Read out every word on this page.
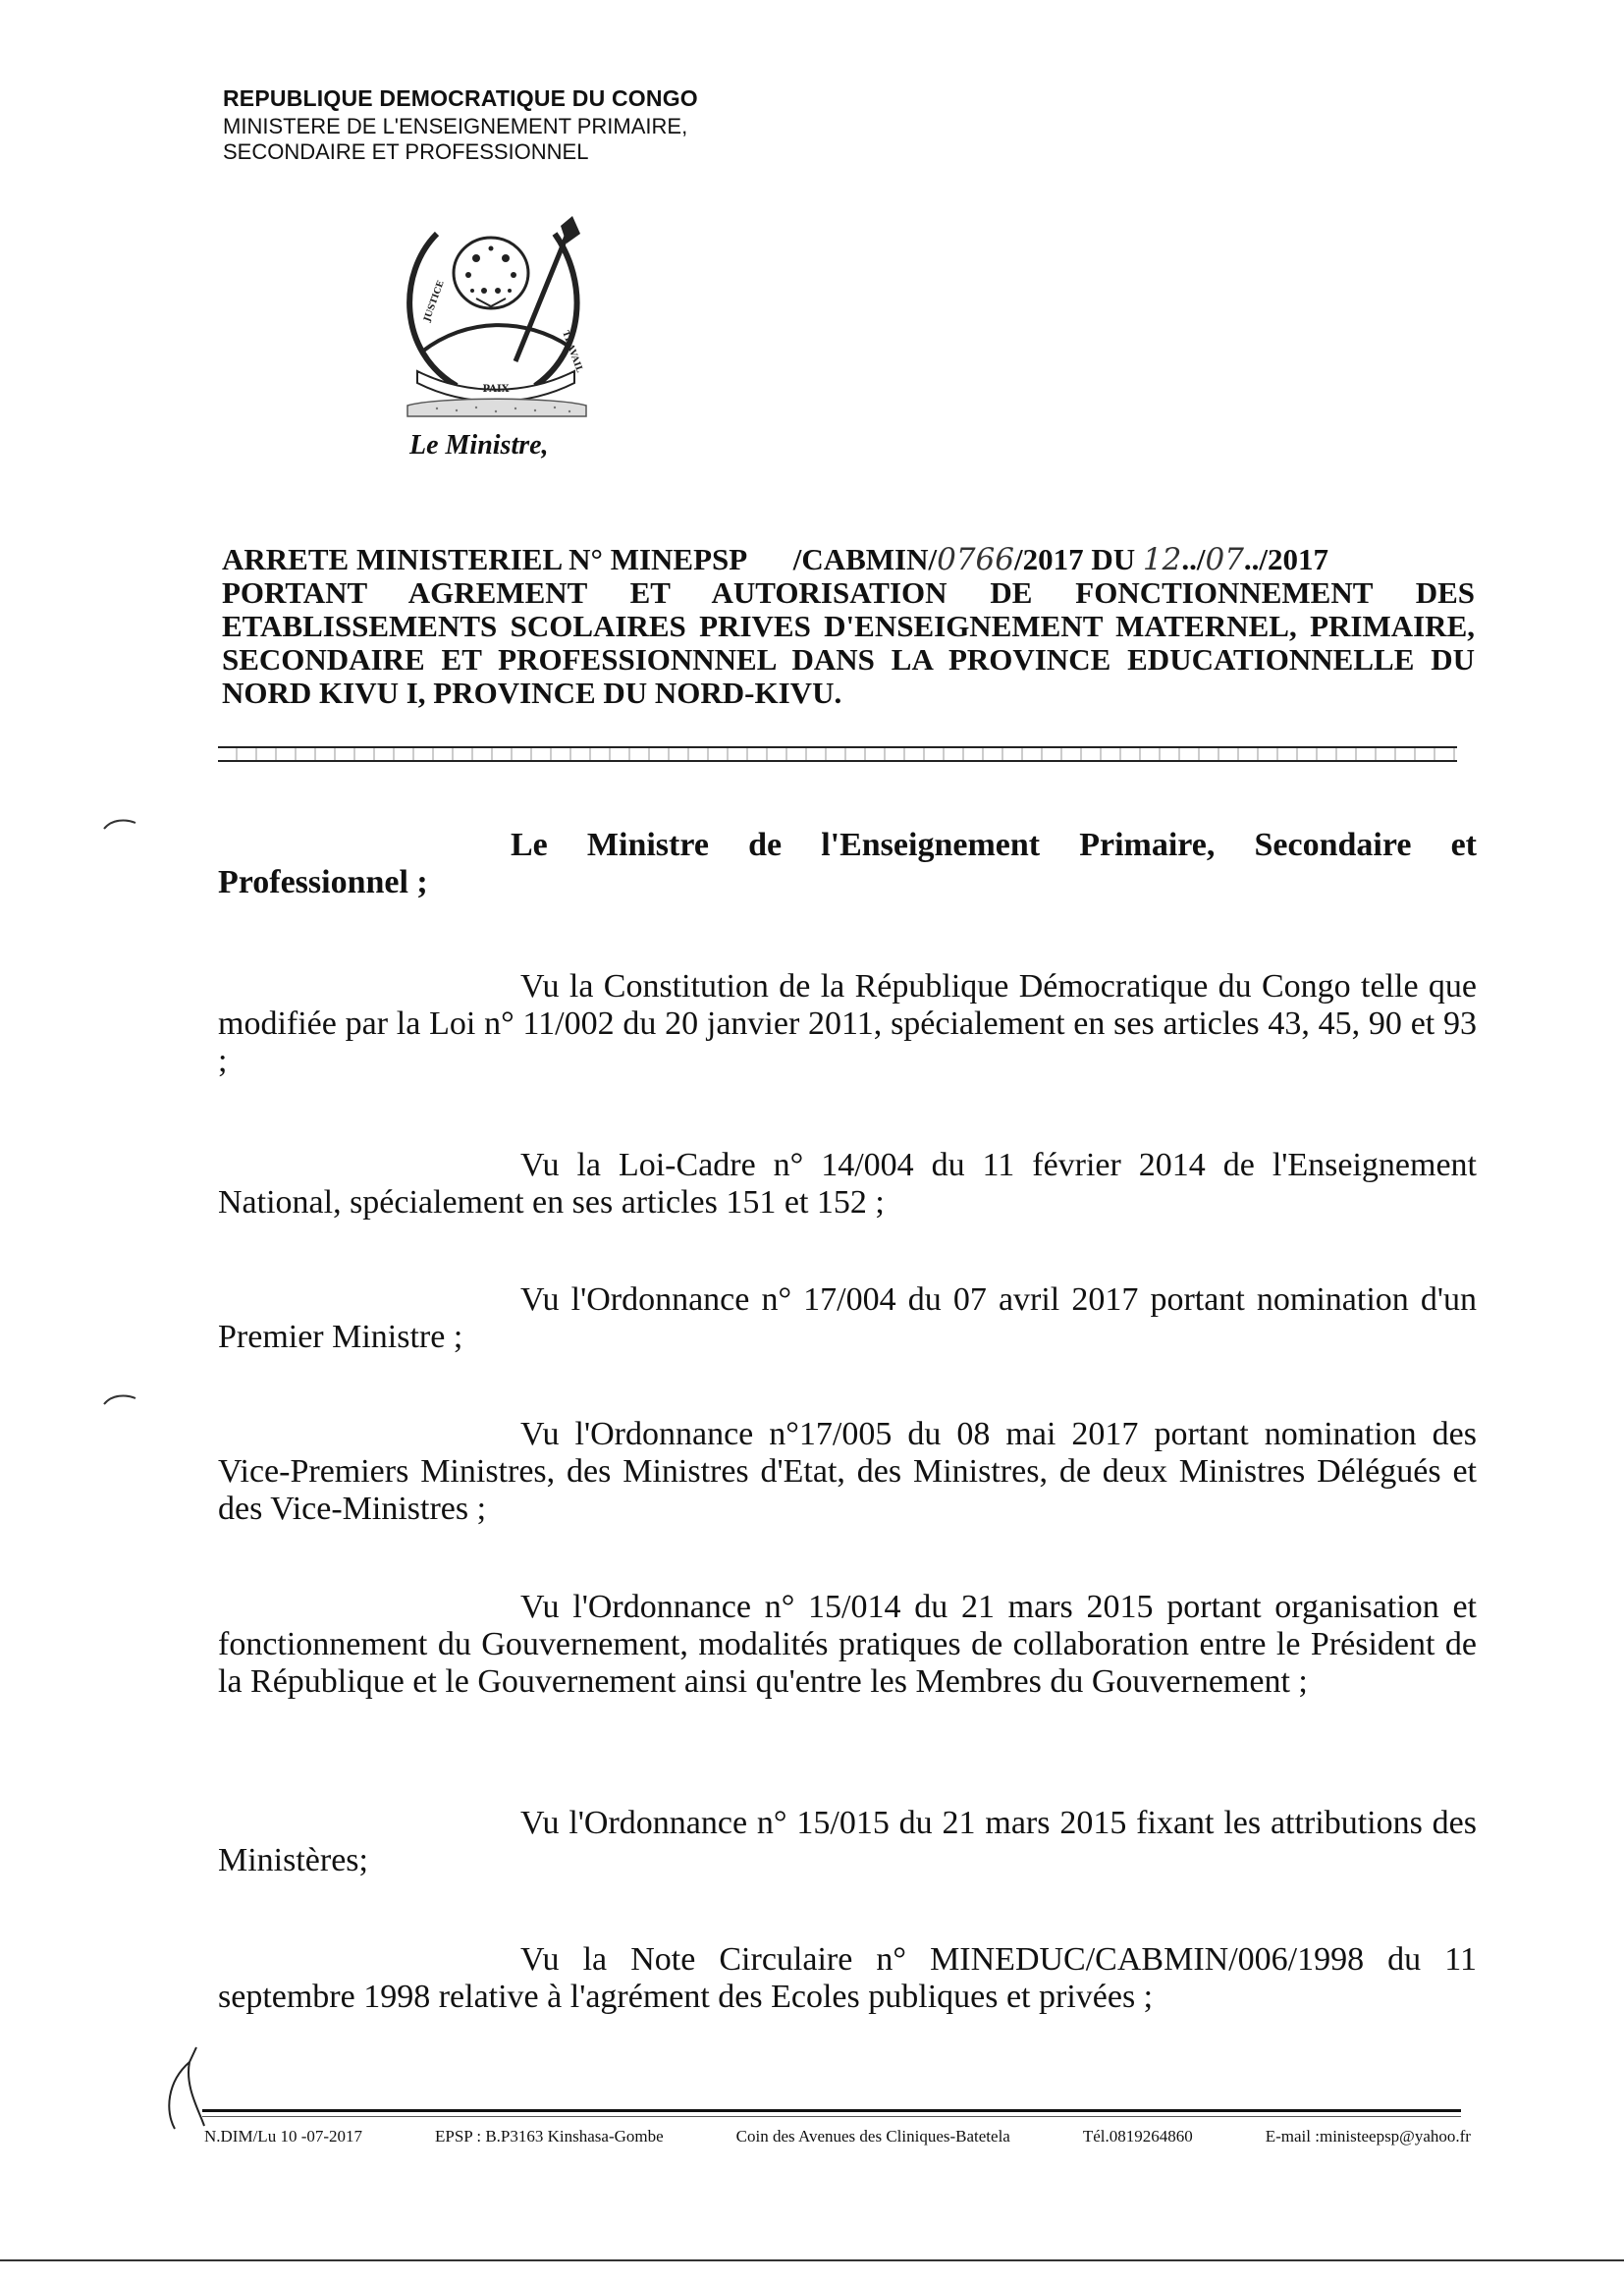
REPUBLIQUE DEMOCRATIQUE DU CONGO
MINISTERE DE L'ENSEIGNEMENT PRIMAIRE,
SECONDAIRE ET PROFESSIONNEL
PAIX
JUSTICE
TRAVAIL
Le Ministre,
ARRETE MINISTERIEL N° MINEPSP /CABMIN/0766/2017 DU 12../07../2017
PORTANT AGREMENT ET AUTORISATION DE FONCTIONNEMENT DES ETABLISSEMENTS SCOLAIRES PRIVES D'ENSEIGNEMENT MATERNEL, PRIMAIRE, SECONDAIRE ET PROFESSIONNNEL DANS LA PROVINCE EDUCATIONNELLE DU NORD KIVU I, PROVINCE DU NORD-KIVU.
Le Ministre de l'Enseignement Primaire, Secondaire et Professionnel ;
Vu la Constitution de la République Démocratique du Congo telle que modifiée par la Loi n° 11/002 du 20 janvier 2011, spécialement en ses articles 43, 45, 90 et 93 ;
Vu la Loi-Cadre n° 14/004 du 11 février 2014 de l'Enseignement National, spécialement en ses articles 151 et 152 ;
Vu l'Ordonnance n° 17/004 du 07 avril 2017 portant nomination d'un Premier Ministre ;
Vu l'Ordonnance n°17/005 du 08 mai 2017 portant nomination des Vice-Premiers Ministres, des Ministres d'Etat, des Ministres, de deux Ministres Délégués et des Vice-Ministres ;
Vu l'Ordonnance n° 15/014 du 21 mars 2015 portant organisation et fonctionnement du Gouvernement, modalités pratiques de collaboration entre le Président de la République et le Gouvernement ainsi qu'entre les Membres du Gouvernement ;
Vu l'Ordonnance n° 15/015 du 21 mars 2015 fixant les attributions des Ministères;
Vu la Note Circulaire n° MINEDUC/CABMIN/006/1998 du 11 septembre 1998 relative à l'agrément des Ecoles publiques et privées ;
N.DIM/Lu 10 -07-2017	EPSP : B.P3163 Kinshasa-Gombe	Coin des Avenues des Cliniques-Batetela	Tél.0819264860	E-mail :ministeepsp@yahoo.fr
